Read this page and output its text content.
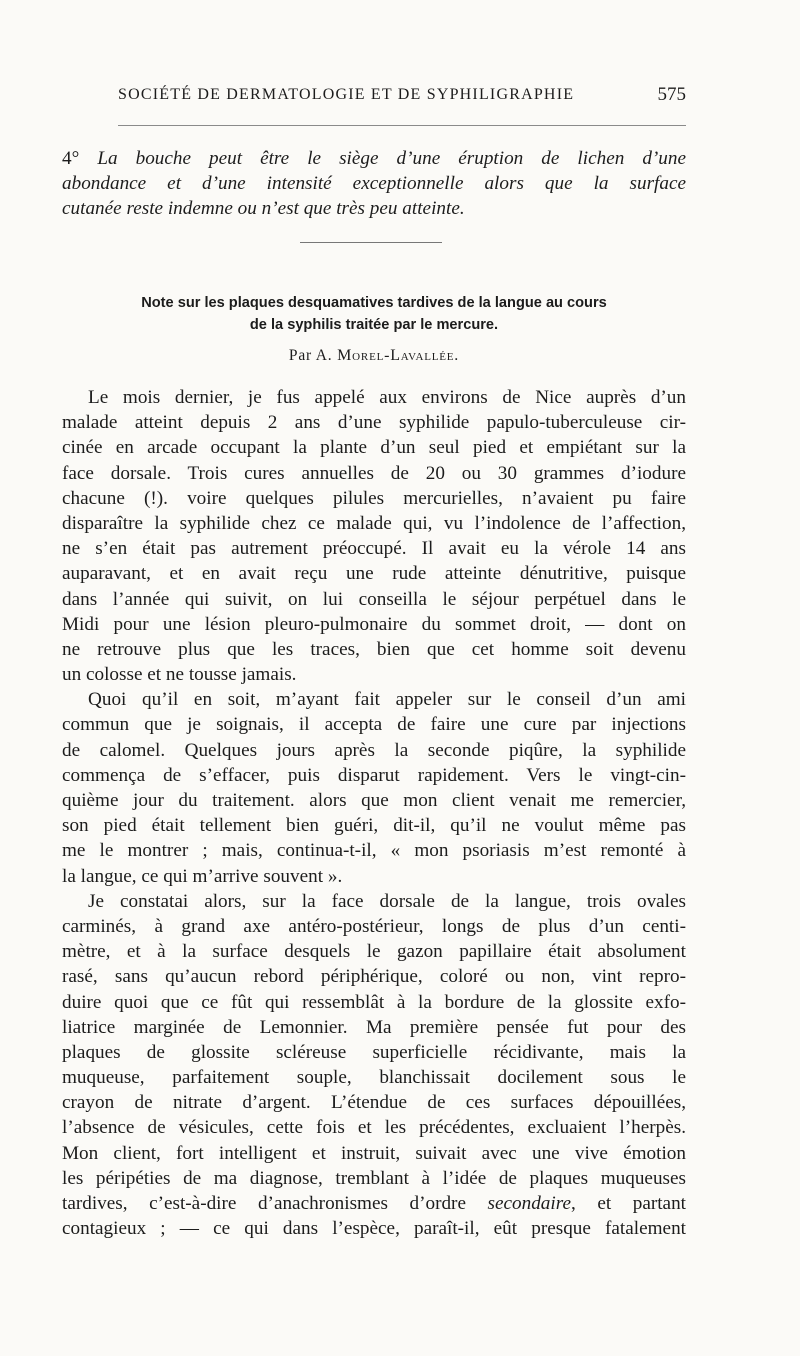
SOCIÉTÉ DE DERMATOLOGIE ET DE SYPHILIGRAPHIE	575
4° La bouche peut être le siège d’une éruption de lichen d’une
abondance et d’une intensité exceptionnelle alors que la surface
cutanée reste indemne ou n’est que très peu atteinte.
Note sur les plaques desquamatives tardives de la langue au cours
de la syphilis traitée par le mercure.
Par A. Morel-Lavallée.
Le mois dernier, je fus appelé aux environs de Nice auprès d’un
malade atteint depuis 2 ans d’une syphilide papulo-tuberculeuse cir-
cinée en arcade occupant la plante d’un seul pied et empiétant sur la
face dorsale. Trois cures annuelles de 20 ou 30 grammes d’iodure
chacune (!). voire quelques pilules mercurielles, n’avaient pu faire
disparaître la syphilide chez ce malade qui, vu l’indolence de l’affection,
ne s’en était pas autrement préoccupé. Il avait eu la vérole 14 ans
auparavant, et en avait reçu une rude atteinte dénutritive, puisque
dans l’année qui suivit, on lui conseilla le séjour perpétuel dans le
Midi pour une lésion pleuro-pulmonaire du sommet droit, — dont on
ne retrouve plus que les traces, bien que cet homme soit devenu
un colosse et ne tousse jamais.
Quoi qu’il en soit, m’ayant fait appeler sur le conseil d’un ami
commun que je soignais, il accepta de faire une cure par injections
de calomel. Quelques jours après la seconde piqûre, la syphilide
commença de s’effacer, puis disparut rapidement. Vers le vingt-cin-
quième jour du traitement. alors que mon client venait me remercier,
son pied était tellement bien guéri, dit-il, qu’il ne voulut même pas
me le montrer ; mais, continua-t-il, « mon psoriasis m’est remonté à
la langue, ce qui m’arrive souvent ».
Je constatai alors, sur la face dorsale de la langue, trois ovales
carminés, à grand axe antéro-postérieur, longs de plus d’un centi-
mètre, et à la surface desquels le gazon papillaire était absolument
rasé, sans qu’aucun rebord périphérique, coloré ou non, vint repro-
duire quoi que ce fût qui ressemblât à la bordure de la glossite exfo-
liatrice marginée de Lemonnier. Ma première pensée fut pour des
plaques de glossite scléreuse superficielle récidivante, mais la
muqueuse, parfaitement souple, blanchissait docilement sous le
crayon de nitrate d’argent. L’étendue de ces surfaces dépouillées,
l’absence de vésicules, cette fois et les précédentes, excluaient l’herpès.
Mon client, fort intelligent et instruit, suivait avec une vive émotion
les péripéties de ma diagnose, tremblant à l’idée de plaques muqueuses
tardives, c’est-à-dire d’anachronismes d’ordre secondaire, et partant
contagieux ; — ce qui dans l’espèce, paraît-il, eût presque fatalement
